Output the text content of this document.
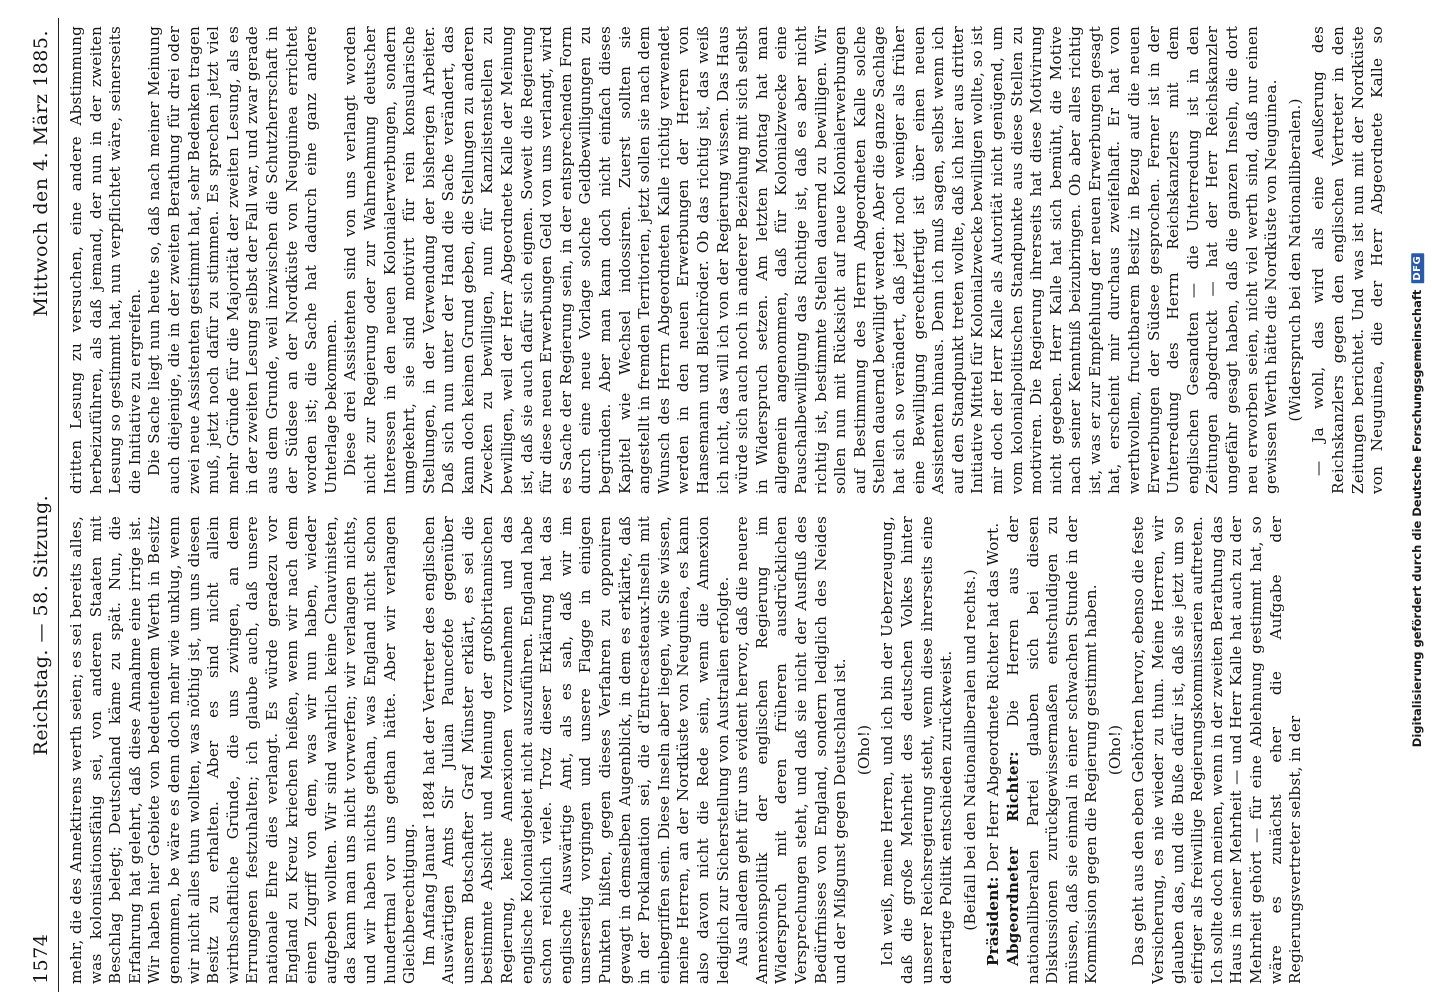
1574
Reichstag. — 58. Sitzung.
Mittwoch den 4. März 1885.

mehr, die des Annektirens werth seien; es sei bereits alles, was kolonisationsfähig sei, von anderen Staaten mit Beschlag belegt; Deutschland käme zu spät. Nun, die Erfahrung hat gelehrt, daß diese Annahme eine irrige ist. Wir haben hier Gebiete von bedeutendem Werth in Besitz genommen, be wäre es denn doch mehr wie unklug, wenn wir nicht alles thun wollten, was nöthig ist, um uns diesen Besitz zu erhalten. Aber es sind nicht allein wirthschaftliche Gründe, die uns zwingen, an dem Errungenen festzuhalten; ich glaube auch, daß unsere nationale Ehre dies verlangt. Es würde geradezu vor England zu Kreuz kriechen heißen, wenn wir nach dem einen Zugriff von dem, was wir nun haben, wieder aufgeben wollten. Wir sind wahrlich keine Chauvinisten, das kann man uns nicht vorwerfen; wir verlangen nichts, und wir haben nichts gethan, was England nicht schon hundertmal vor uns gethan hätte. Aber wir verlangen Gleichberechtigung. Im Anfang Januar 1884 hat der Vertreter des englischen Auswärtigen Amts Sir Julian Pauncefote gegenüber unserem Botschafter Graf Münster erklärt, es sei die bestimmte Absicht und Meinung der großbritannischen Regierung, keine Annexionen vorzunehmen und das englische Kolonialgebiet nicht auszuführen. England habe schon reichlich viele. Trotz dieser Erklärung hat das englische Auswärtige Amt, als es sah, daß wir im unserseitig vorgingen und unsere Flagge in einigen Punkten hißten, gegen dieses Verfahren zu opponiren gewagt in demselben Augenblick, in dem es erklärte, daß in der Proklamation sei, die d'Entrecasteaux-Inseln mit einbegriffen sein. Diese Inseln aber liegen, wie Sie wissen, meine Herren, an der Nordküste von Neuguinea, es kann also davon nicht die Rede sein, wenn die Annexion lediglich zur Sicherstellung von Australien erfolgte. Aus alledem geht für uns evident hervor, daß die neuere Annexionspolitik der englischen Regierung im Widerspruch mit deren früheren ausdrücklichen Versprechungen steht, und daß sie nicht der Ausfluß des Bedürfnisses von England, sondern lediglich des Neides und der Mißgunst gegen Deutschland ist. (Oho!) Ich weiß, meine Herren, und ich bin der Ueberzeugung, daß die große Mehrheit des deutschen Volkes hinter unserer Reichsregierung steht, wenn diese ihrerseits eine derartige Politik entschieden zurückweist. (Beifall bei den Nationalliberalen und rechts.) Präsident: Der Herr Abgeordnete Richter hat das Wort. Abgeordneter Richter: Die Herren aus der nationalliberalen Partei glauben sich bei diesen Diskussionen zurückgewissermaßen entschuldigen zu müssen, daß sie einmal in einer schwachen Stunde in der Kommission gegen die Regierung gestimmt haben. (Oho!) Das geht aus den eben Gehörten hervor, ebenso die feste Versicherung, es nie wieder zu thun. Meine Herren, wir glauben das, und die Buße dafür ist, daß sie jetzt um so eifriger als freiwillige Regierungskommissarien auftreten. Ich sollte doch meinen, wenn in der zweiten Berathung das Haus in seiner Mehrheit — und Herr Kalle hat auch zu der Mehrheit gehört — für eine Ablehnung gestimmt hat, so wäre es zunächst eher die Aufgabe der Regierungsvertreter selbst, in der

dritten Lesung zu versuchen, eine andere Abstimmung herbeizuführen, als daß jemand, der nun in der zweiten Lesung so gestimmt hat, nun verpflichtet wäre, seinerseits die Initiative zu ergreifen. Die Sache liegt nun heute so, daß nach meiner Meinung auch diejenige, die in der zweiten Berathung für drei oder zwei neue Assistenten gestimmt hat, sehr Bedenken tragen muß, jetzt noch dafür zu stimmen. Es sprechen jetzt viel mehr Gründe für die Majorität der zweiten Lesung, als es in der zweiten Lesung selbst der Fall war, und zwar gerade aus dem Grunde, weil inzwischen die Schutzherrschaft in der Südsee an der Nordküste von Neuguinea errichtet worden ist; die Sache hat dadurch eine ganz andere Unterlage bekommen. Diese drei Assistenten sind von uns verlangt worden nicht zur Regierung oder zur Wahrnehmung deutscher Interessen in den neuen Kolonialerwerbungen, sondern umgekehrt, sie sind motivirt für rein konsularische Stellungen, in der Verwendung der bisherigen Arbeiter. Daß sich nun unter der Hand die Sache verändert, das kann doch keinen Grund geben, die Stellungen zu anderen Zwecken zu bewilligen, nun für Kanzlistenstellen zu bewilligen, weil der Herr Abgeordnete Kalle der Meinung ist, daß sie auch dafür sich eignen. Soweit die Regierung für diese neuen Erwerbungen Geld von uns verlangt, wird es Sache der Regierung sein, in der entsprechenden Form durch eine neue Vorlage solche Geldbewilligungen zu begründen. Aber man kann doch nicht einfach dieses Kapitel wie Wechsel indossiren. Zuerst sollten sie angestellt in fremden Territorien, jetzt sollen sie nach dem Wunsch des Herrn Abgeordneten Kalle richtig verwendet werden in den neuen Erwerbungen der Herren von Hansemann und Bleichröder. Ob das richtig ist, das weiß ich nicht, das will ich von der Regierung wissen. Das Haus würde sich auch noch in anderer Beziehung mit sich selbst in Widerspruch setzen. Am letzten Montag hat man allgemein angenommen, daß für Kolonialzwecke eine Pauschalbewilligung das Richtige ist, daß es aber nicht richtig ist, bestimmte Stellen dauernd zu bewilligen. Wir sollen nun mit Rücksicht auf neue Kolonialerwerbungen auf Bestimmung des Herrn Abgeordneten Kalle solche Stellen dauernd bewilligt werden. Aber die ganze Sachlage hat sich so verändert, daß jetzt noch weniger als früher eine Bewilligung gerechtfertigt ist über einen neuen Assistenten hinaus. Denn ich muß sagen, selbst wenn ich auf den Standpunkt treten wollte, daß ich hier aus dritter Initiative Mittel für Kolonialzwecke bewilligen wollte, so ist mir doch der Herr Kalle als Autorität nicht genügend, um vom kolonialpolitischen Standpunkte aus diese Stellen zu motiviren. Die Regierung ihrerseits hat diese Motivirung nicht gegeben. Herr Kalle hat sich bemüht, die Motive nach seiner Kenntniß beizubringen. Ob aber alles richtig ist, was er zur Empfehlung der neuen Erwerbungen gesagt hat, erscheint mir durchaus zweifelhaft. Er hat von werthvollem, fruchtbarem Besitz in Bezug auf die neuen Erwerbungen der Südsee gesprochen. Ferner ist in der Unterredung des Herrn Reichskanzlers mit dem englischen Gesandten — die Unterredung ist in den Zeitungen abgedruckt — hat der Herr Reichskanzler ungefähr gesagt haben, daß die ganzen Inseln, die dort neu erworben seien, nicht viel werth sind, daß nur einen gewissen Werth hätte die Nordküste von Neuguinea. (Widerspruch bei den Nationalliberalen.)

— Ja wohl, das wird als eine Aeußerung des Reichskanzlers gegen den englischen Vertreter in den Zeitungen berichtet. Und was ist nun mit der Nordküste von Neuguinea, die der Herr Abgeordnete Kalle so

Digitalisierung gefördert durch die Deutsche Forschungsgemeinschaft
DFG
